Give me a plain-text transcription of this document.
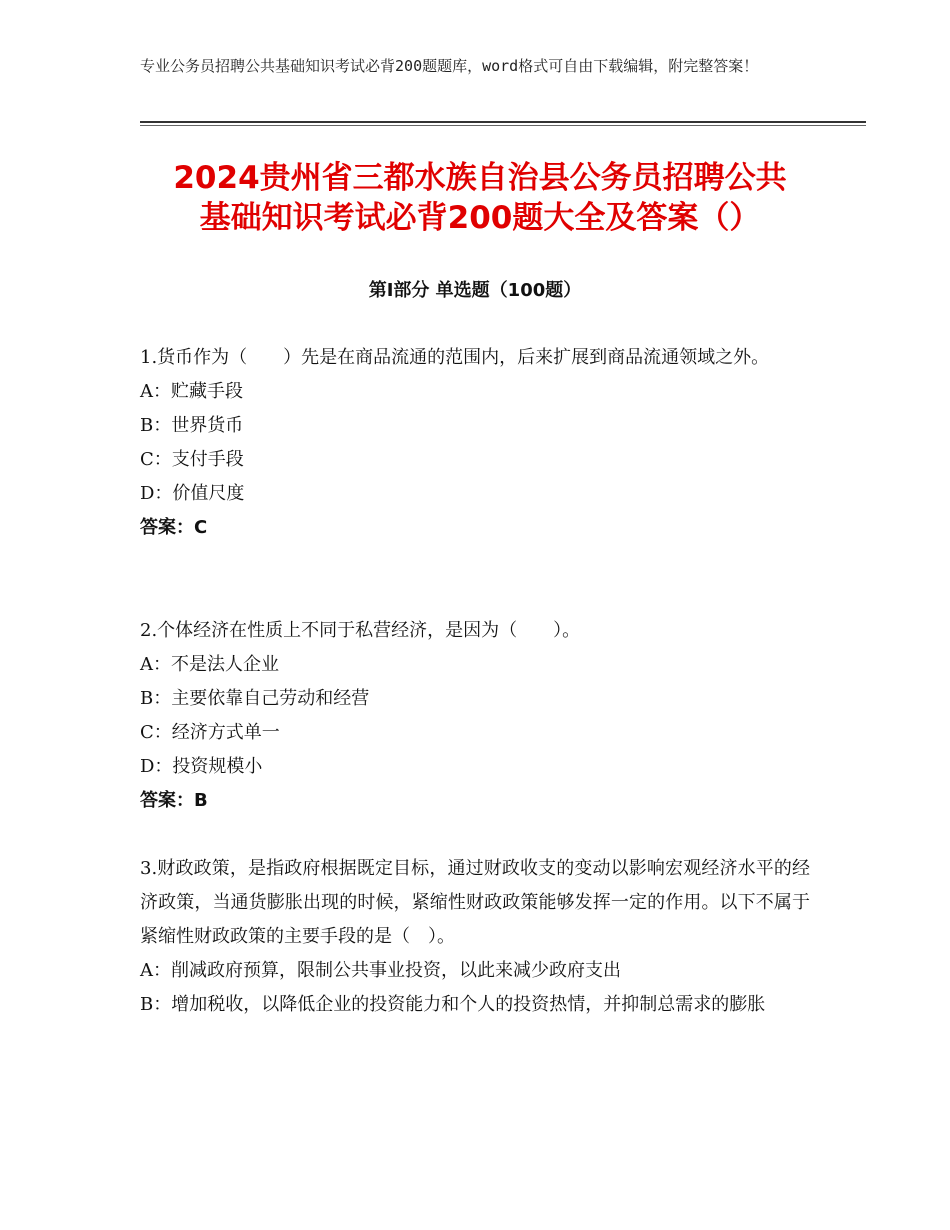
专业公务员招聘公共基础知识考试必背200题题库，word格式可自由下载编辑，附完整答案！
2024贵州省三都水族自治县公务员招聘公共
基础知识考试必背200题大全及答案（）
第Ⅰ部分 单选题（100题）

1.货币作为（　　）先是在商品流通的范围内，后来扩展到商品流通领域之外。

A：贮藏手段

B：世界货币

C：支付手段

D：价值尺度

答案：C

2.个体经济在性质上不同于私营经济，是因为（　　）。

A：不是法人企业

B：主要依靠自己劳动和经营

C：经济方式单一

D：投资规模小

答案：B

3.财政政策，是指政府根据既定目标，通过财政收支的变动以影响宏观经济水平的经济政策，当通货膨胀出现的时候，紧缩性财政政策能够发挥一定的作用。以下不属于紧缩性财政政策的主要手段的是（　）。

A：削减政府预算，限制公共事业投资，以此来减少政府支出

B：增加税收，以降低企业的投资能力和个人的投资热情，并抑制总需求的膨胀
